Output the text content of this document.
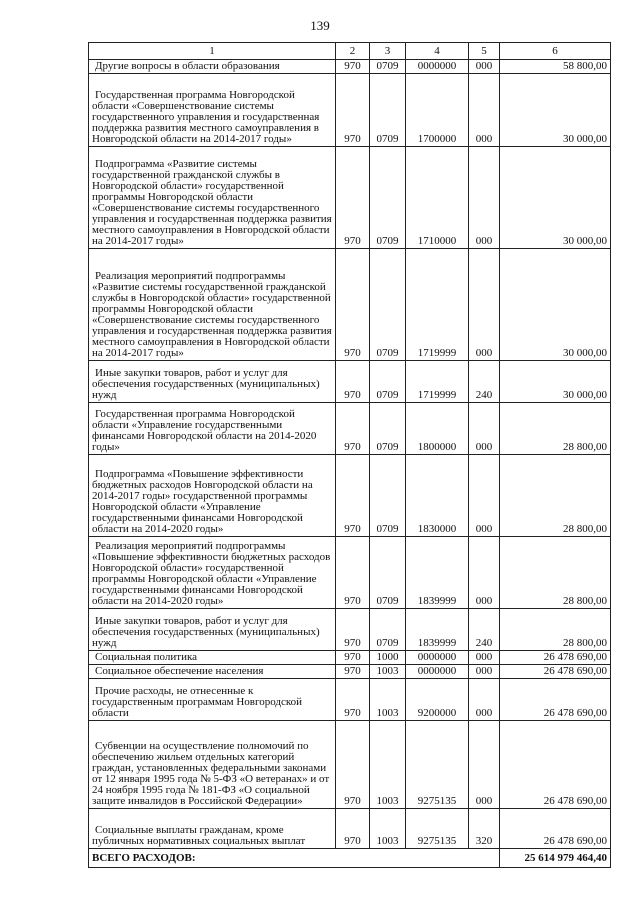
139
1	2	3	4	5	6
Другие вопросы в области образования	970	0709	0000000	000	58 800,00
Государственная программа Новгородской области «Совершенствование системы государственного управления и государственная поддержка развития местного самоуправления в Новгородской области на 2014-2017 годы»	970	0709	1700000	000	30 000,00
Подпрограмма «Развитие системы государственной гражданской службы в Новгородской области» государственной программы Новгородской области «Совершенствование системы государственного управления и государственная поддержка развития местного самоуправления в Новгородской области на 2014-2017 годы»	970	0709	1710000	000	30 000,00
Реализация мероприятий подпрограммы «Развитие системы государственной гражданской службы в Новгородской области» государственной программы Новгородской области «Совершенствование системы государственного управления и государственная поддержка развития местного самоуправления в Новгородской области на 2014-2017 годы»	970	0709	1719999	000	30 000,00
Иные закупки товаров, работ и услуг для обеспечения государственных (муниципальных) нужд	970	0709	1719999	240	30 000,00
Государственная программа Новгородской области «Управление государственными финансами Новгородской области на 2014-2020 годы»	970	0709	1800000	000	28 800,00
Подпрограмма «Повышение эффективности бюджетных расходов Новгородской области на 2014-2017 годы» государственной программы Новгородской области «Управление государственными финансами Новгородской области на 2014-2020 годы»	970	0709	1830000	000	28 800,00
Реализация мероприятий подпрограммы «Повышение эффективности бюджетных расходов Новгородской области» государственной программы Новгородской области «Управление государственными финансами Новгородской области на 2014-2020 годы»	970	0709	1839999	000	28 800,00
Иные закупки товаров, работ и услуг для обеспечения государственных (муниципальных) нужд	970	0709	1839999	240	28 800,00
Социальная политика	970	1000	0000000	000	26 478 690,00
Социальное обеспечение населения	970	1003	0000000	000	26 478 690,00
Прочие расходы, не отнесенные к государственным программам Новгородской области	970	1003	9200000	000	26 478 690,00
Субвенции на осуществление полномочий по обеспечению жильем отдельных категорий граждан, установленных федеральными законами от 12 января 1995 года № 5-ФЗ «О ветеранах» и от 24 ноября 1995 года № 181-ФЗ «О социальной защите инвалидов в Российской Федерации»	970	1003	9275135	000	26 478 690,00
Социальные выплаты гражданам, кроме публичных нормативных социальных выплат	970	1003	9275135	320	26 478 690,00
ВСЕГО РАСХОДОВ:					25 614 979 464,40
